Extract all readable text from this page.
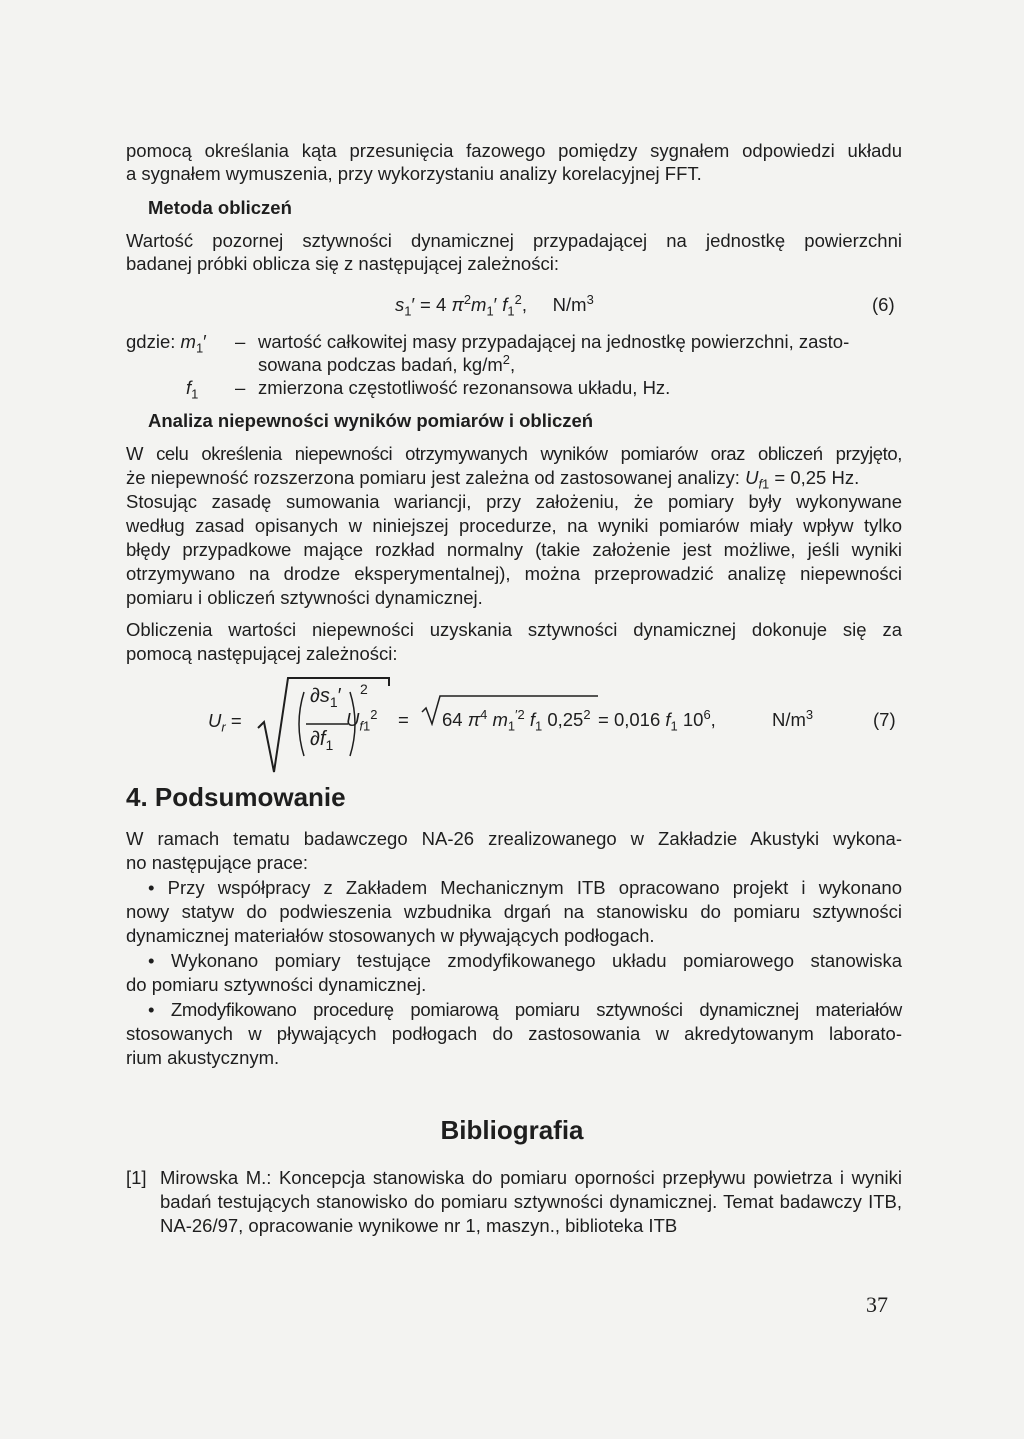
pomocą określania kąta przesunięcia fazowego pomiędzy sygnałem odpowiedzi układu
a sygnałem wymuszenia, przy wykorzystaniu analizy korelacyjnej FFT.
Metoda obliczeń
Wartość pozornej sztywności dynamicznej przypadającej na jednostkę powierzchni
badanej próbki oblicza się z następującej zależności:
$s_1' = 4$ $\pi^2m_1'$ $f_1^2$,     $N/m^3$	(6)
gdzie: $m_1'$ – wartość całkowitej masy przypadającej na jednostkę powierzchni, zasto-
sowana podczas badań, $kg/m^2$,
$f_1$ – zmierzona częstotliwość rezonansowa układu, Hz.
Analiza niepewności wyników pomiarów i obliczeń
W celu określenia niepewności otrzymywanych wyników pomiarów oraz obliczeń przyjęto,
że niepewność rozszerzona pomiaru jest zależna od zastosowanej analizy: $U_{f1} = 0,25$ Hz.
Stosując zasadę sumowania wariancji, przy założeniu, że pomiary były wykonywane
według zasad opisanych w niniejszej procedurze, na wyniki pomiarów miały wpływ tylko
błędy przypadkowe mające rozkład normalny (takie założenie jest możliwe, jeśli wyniki
otrzymywano na drodze eksperymentalnej), można przeprowadzić analizę niepewności
pomiaru i obliczeń sztywności dynamicznej.
Obliczenia wartości niepewności uzyskania sztywności dynamicznej dokonuje się za
pomocą następującej zależności:
$U_r$ =
$\partial s_1'$
$\partial f_1$
2
$U_{f1}^2 = 64$ $\pi^4$ $m_1^{'2}$ $f_1$ $0,25^2 = 0,016$ $f_1$ $10^6$,	$N/m^3$	(7)
4. Podsumowanie
W ramach tematu badawczego NA-26 zrealizowanego w Zakładzie Akustyki wykona-
no następujące prace:
• Przy współpracy z Zakładem Mechanicznym ITB opracowano projekt i wykonano
nowy statyw do podwieszenia wzbudnika drgań na stanowisku do pomiaru sztywności
dynamicznej materiałów stosowanych w pływających podłogach.
• Wykonano pomiary testujące zmodyfikowanego układu pomiarowego stanowiska
do pomiaru sztywności dynamicznej.
• Zmodyfikowano procedurę pomiarową pomiaru sztywności dynamicznej materiałów
stosowanych w pływających podłogach do zastosowania w akredytowanym laborato-
rium akustycznym.
Bibliografia
[1] Mirowska M.: Koncepcja stanowiska do pomiaru oporności przepływu powietrza i wyniki
badań testujących stanowisko do pomiaru sztywności dynamicznej. Temat badawczy ITB,
NA-26/97, opracowanie wynikowe nr 1, maszyn., biblioteka ITB
37
